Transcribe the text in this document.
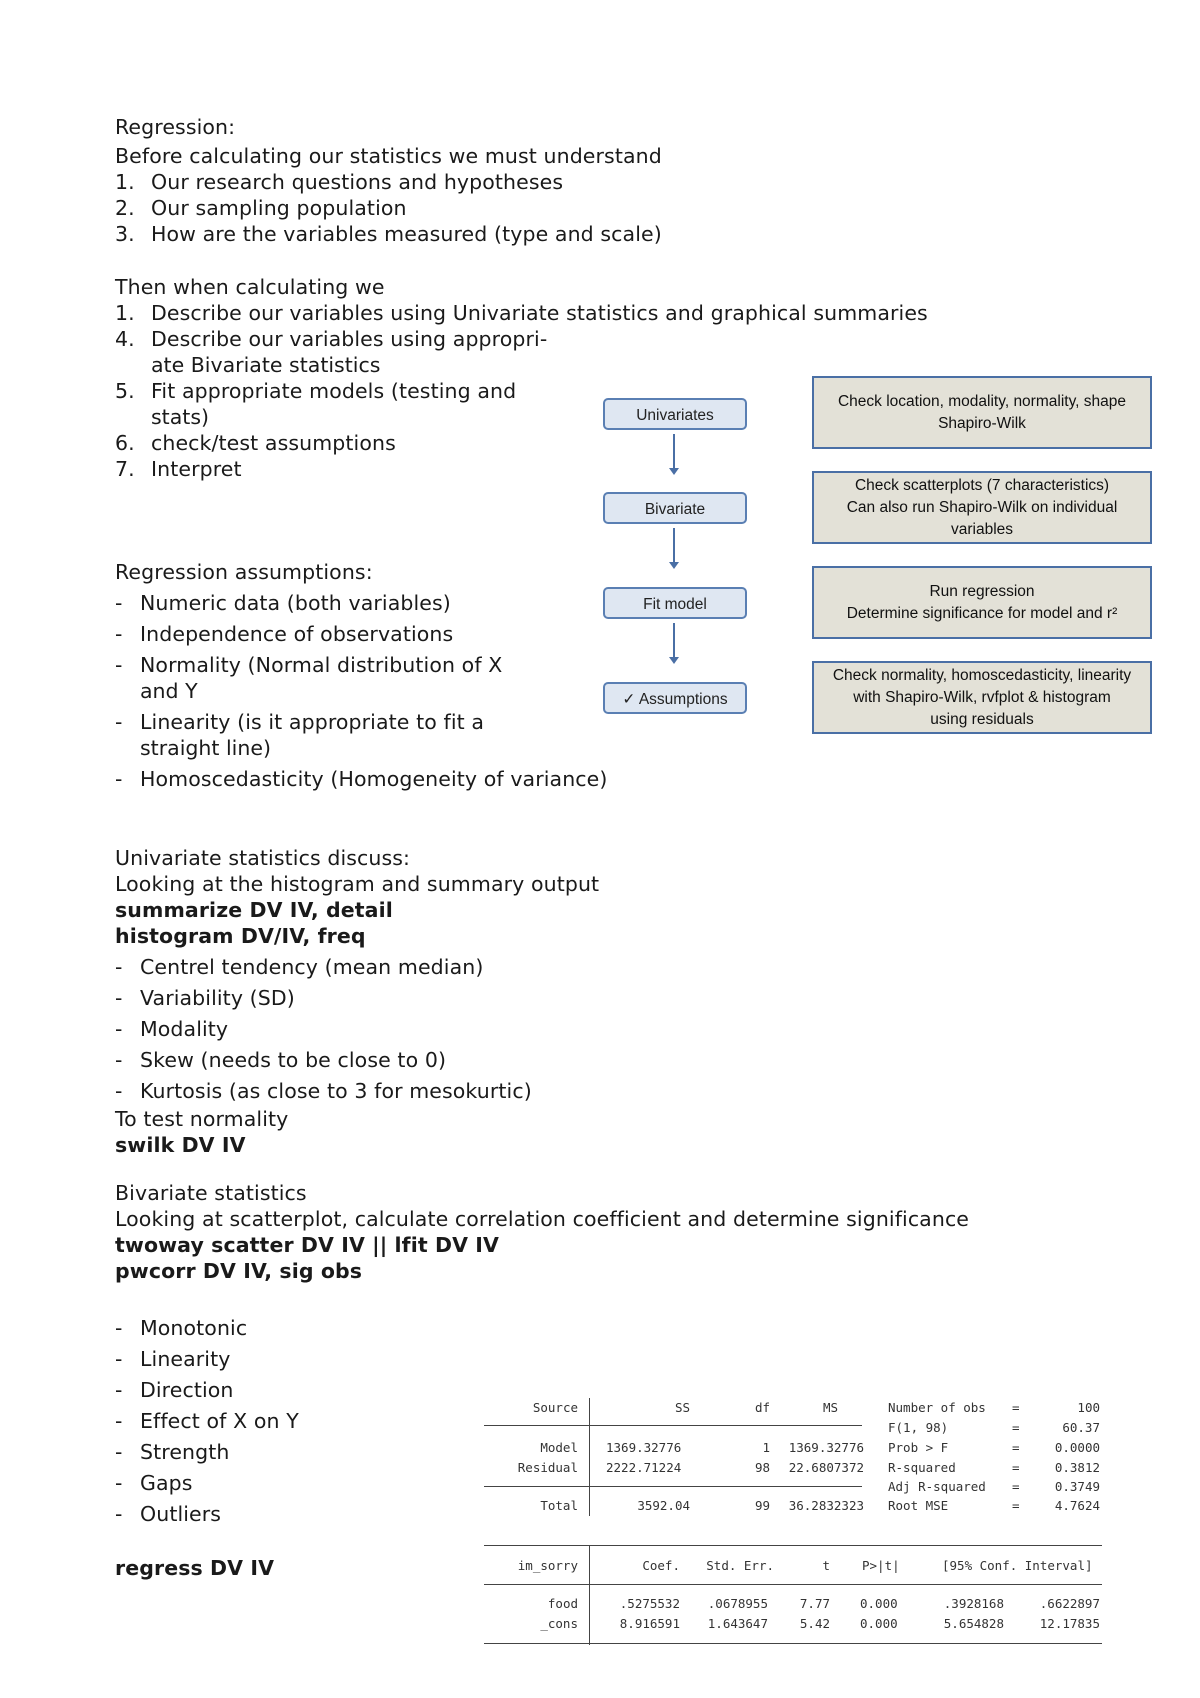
Regression:
Before calculating our statistics we must understand
1. Our research questions and hypotheses
2. Our sampling population
3. How are the variables measured (type and scale)
Then when calculating we
1. Describe our variables using Univariate statistics and graphical summaries
4. Describe our variables using appropri-
ate Bivariate statistics
5. Fit appropriate models (testing and
stats)
6. check/test assumptions
7. Interpret
Univariates
Bivariate
Fit model
✓ Assumptions
Check location, modality, normality, shape
Shapiro-Wilk
Check scatterplots (7 characteristics)
Can also run Shapiro-Wilk on individual
variables
Run regression
Determine significance for model and r²
Check normality, homoscedasticity, linearity
with Shapiro-Wilk, rvfplot & histogram
using residuals
Regression assumptions:
- Numeric data (both variables)
- Independence of observations
- Normality (Normal distribution of X
and Y
- Linearity (is it appropriate to fit a
straight line)
- Homoscedasticity (Homogeneity of variance)
Univariate statistics discuss:
Looking at the histogram and summary output
summarize DV IV, detail
histogram DV/IV, freq
- Centrel tendency (mean median)
- Variability (SD)
- Modality
- Skew (needs to be close to 0)
- Kurtosis (as close to 3 for mesokurtic)
To test normality
swilk DV IV
Bivariate statistics
Looking at scatterplot, calculate correlation coefficient and determine significance
twoway scatter DV IV || lfit DV IV
pwcorr DV IV, sig obs
- Monotonic
- Linearity
- Direction
- Effect of X on Y
- Strength
- Gaps
- Outliers
regress DV IV
Source	SS	df	MS
Model 1369.32776	1	1369.32776
Residual 2222.71224	98	22.6807372
Total	3592.04	99	36.2832323
Number of obs =	100
F(1, 98)	=	60.37
Prob > F	=	0.0000
R-squared	=	0.3812
Adj R-squared =	0.3749
Root MSE	=	4.7624
im_sorry	Coef.	Std. Err.	t	P>|t|	[95% Conf. Interval]
food	.5275532	.0678955	7.77 0.000	.3928168	.6622897
_cons	8.916591	1.643647	5.42 0.000	5.654828	12.17835
